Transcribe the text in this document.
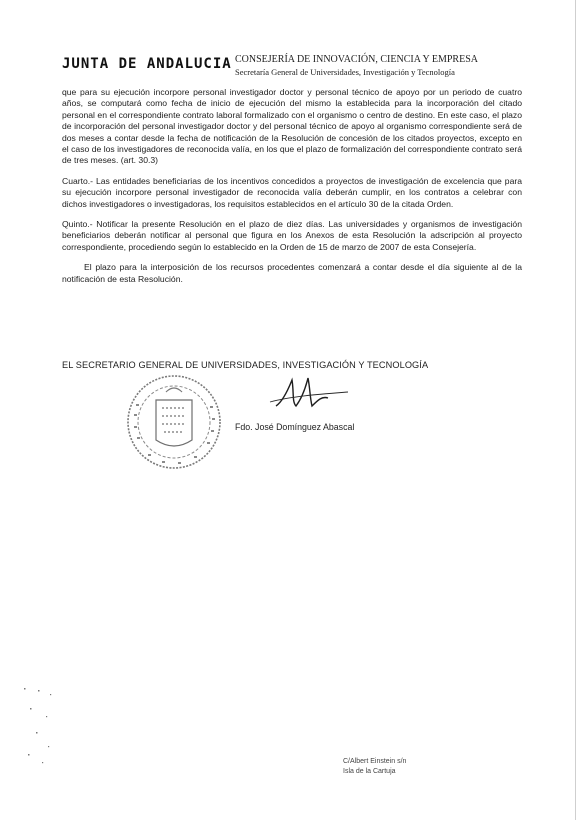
JUNTA DE ANDALUCIA CONSEJERÍA DE INNOVACIÓN, CIENCIA Y EMPRESA
Secretaría General de Universidades, Investigación y Tecnología

que para su ejecución incorpore personal investigador doctor y personal técnico de apoyo por un periodo de cuatro años, se computará como fecha de inicio de ejecución del mismo la establecida para la incorporación del citado personal en el correspondiente contrato laboral formalizado con el organismo o centro de destino. En este caso, el plazo de incorporación del personal investigador doctor y del personal técnico de apoyo al organismo correspondiente será de dos meses a contar desde la fecha de notificación de la Resolución de concesión de los citados proyectos, excepto en el caso de los investigadores de reconocida valía, en los que el plazo de formalización del correspondiente contrato será de tres meses. (art. 30.3)

Cuarto.- Las entidades beneficiarias de los incentivos concedidos a proyectos de investigación de excelencia que para su ejecución incorpore personal investigador de reconocida valía deberán cumplir, en los contratos a celebrar con dichos investigadores o investigadoras, los requisitos establecidos en el artículo 30 de la citada Orden.

Quinto.- Notificar la presente Resolución en el plazo de diez días. Las universidades y organismos de investigación beneficiarios deberán notificar al personal que figura en los Anexos de esta Resolución la adscripción al proyecto correspondiente, procediendo según lo establecido en la Orden de 15 de marzo de 2007 de esta Consejería.

El plazo para la interposición de los recursos procedentes comenzará a contar desde el día siguiente al de la notificación de esta Resolución.

EL SECRETARIO GENERAL DE UNIVERSIDADES, INVESTIGACIÓN Y TECNOLOGÍA
Fdo. José Domínguez Abascal
C/Albert Einstein s/n
Isla de la Cartuja
